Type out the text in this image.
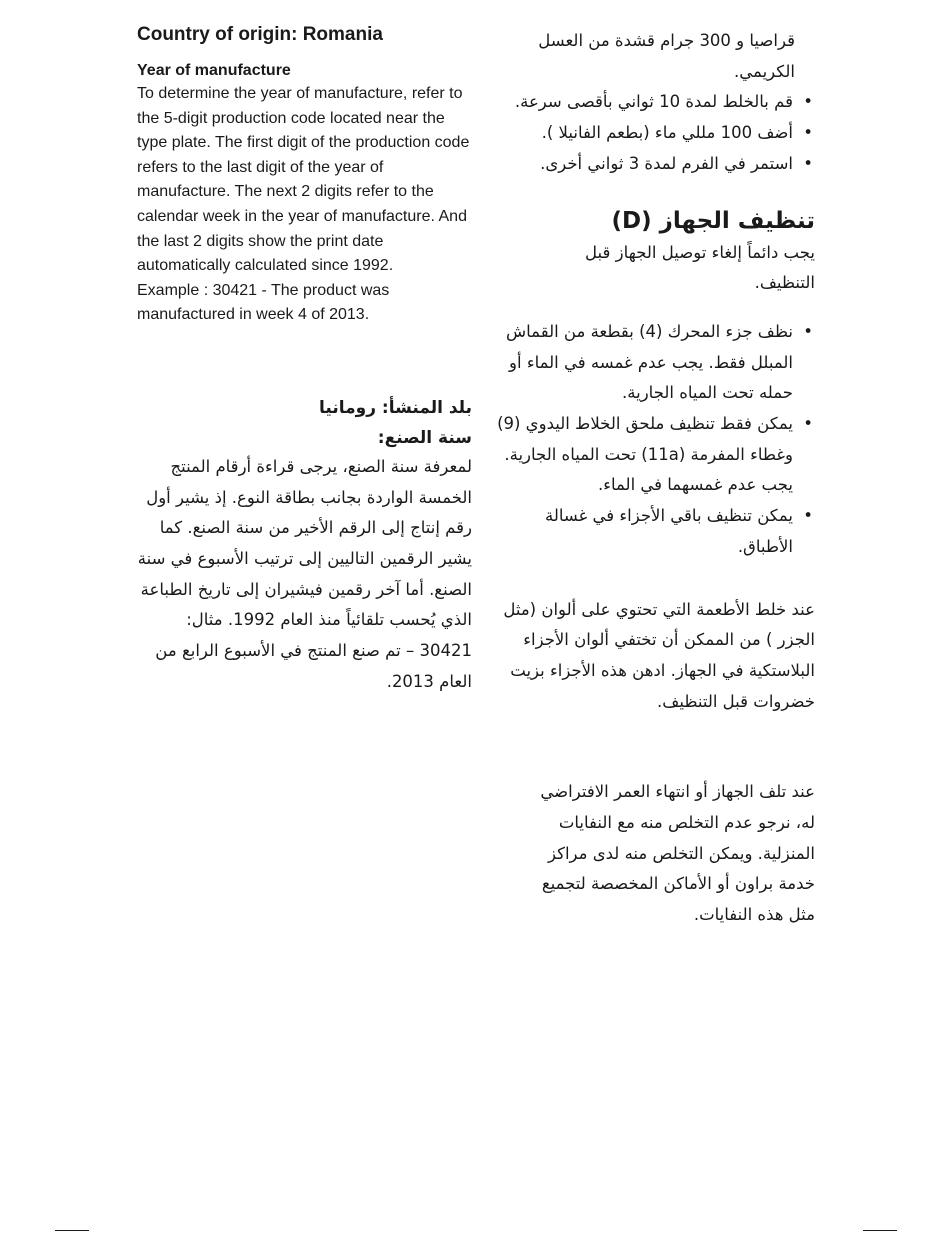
Country of origin: Romania
Year of manufacture

To determine the year of manufacture, refer to the 5-digit production code located near the type plate. The first digit of the production code refers to the last digit of the year of manufacture. The next 2 digits refer to the calendar week in the year of manufacture. And the last 2 digits show the print date automatically calculated since 1992.

Example : 30421 - The product was manufactured in week 4 of 2013.

بلد المنشأ: رومانيا
سنة الصنع:

لمعرفة سنة الصنع، يرجى قراءة أرقام المنتج الخمسة الواردة بجانب بطاقة النوع. إذ يشير أول رقم إنتاج إلى الرقم الأخير من سنة الصنع. كما يشير الرقمين التاليين إلى ترتيب الأسبوع في سنة الصنع. أما آخر رقمين فيشيران إلى تاريخ الطباعة الذي يُحسب تلقائياً منذ العام 1992. مثال: 30421 – تم صنع المنتج في الأسبوع الرابع من العام 2013.

قراصيا و 300 جرام قشدة من العسل الكريمي.
• قم بالخلط لمدة 10 ثواني بأقصى سرعة.
• أضف 100 مللي ماء (بطعم الفانيلا ).
• استمر في الفرم لمدة 3 ثواني أخرى.
تنظيف الجهاز (D)

يجب دائماً إلغاء توصيل الجهاز قبل التنظيف.

• نظف جزء المحرك (4) بقطعة من القماش المبلل فقط. يجب عدم غمسه في الماء أو حمله تحت المياه الجارية.
• يمكن فقط تنظيف ملحق الخلاط اليدوي (9) وغطاء المفرمة (11a) تحت المياه الجارية. يجب عدم غمسهما في الماء.
• يمكن تنظيف باقي الأجزاء في غسالة الأطباق.

عند خلط الأطعمة التي تحتوي على ألوان (مثل الجزر ) من الممكن أن تختفي ألوان الأجزاء البلاستكية في الجهاز. ادهن هذه الأجزاء بزيت خضروات قبل التنظيف.

عند تلف الجهاز أو انتهاء العمر الافتراضي له، نرجو عدم التخلص منه مع النفايات المنزلية. ويمكن التخلص منه لدى مراكز خدمة براون أو الأماكن المخصصة لتجميع مثل هذه النفايات.
